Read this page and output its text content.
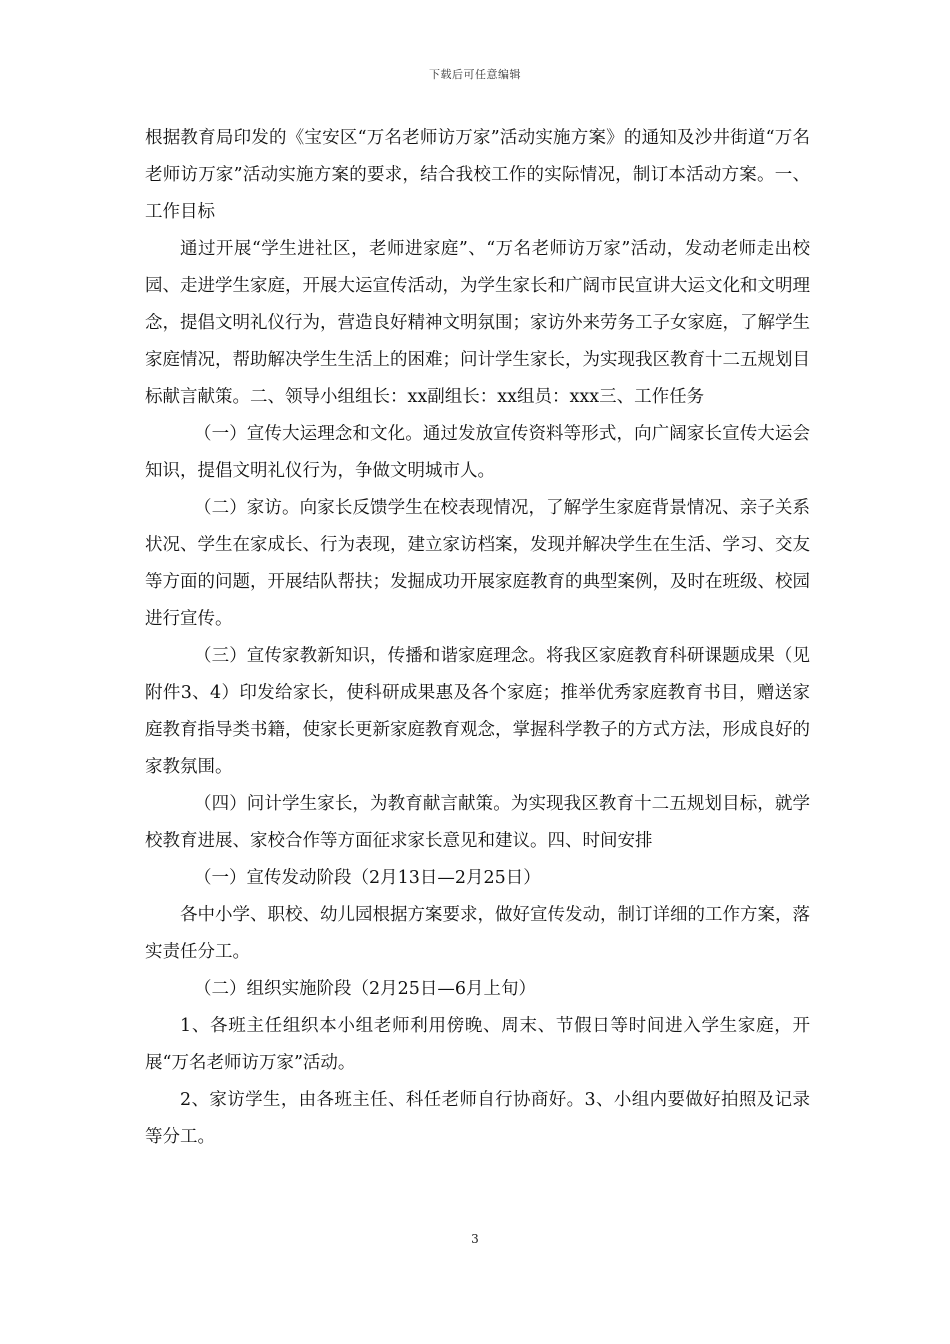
下载后可任意编辑

根据教育局印发的《宝安区“万名老师访万家”活动实施方案》的通知及沙井街道“万名老师访万家”活动实施方案的要求，结合我校工作的实际情况，制订本活动方案。一、工作目标

通过开展“学生进社区，老师进家庭”、“万名老师访万家”活动，发动老师走出校园、走进学生家庭，开展大运宣传活动，为学生家长和广阔市民宣讲大运文化和文明理念，提倡文明礼仪行为，营造良好精神文明氛围；家访外来劳务工子女家庭，了解学生家庭情况，帮助解决学生生活上的困难；问计学生家长，为实现我区教育十二五规划目标献言献策。二、领导小组组长：xx副组长：xx组员：xxx三、工作任务

（一）宣传大运理念和文化。通过发放宣传资料等形式，向广阔家长宣传大运会知识，提倡文明礼仪行为，争做文明城市人。

（二）家访。向家长反馈学生在校表现情况，了解学生家庭背景情况、亲子关系状况、学生在家成长、行为表现，建立家访档案，发现并解决学生在生活、学习、交友等方面的问题，开展结队帮扶；发掘成功开展家庭教育的典型案例，及时在班级、校园进行宣传。

（三）宣传家教新知识，传播和谐家庭理念。将我区家庭教育科研课题成果（见附件3、4）印发给家长，使科研成果惠及各个家庭；推举优秀家庭教育书目，赠送家庭教育指导类书籍，使家长更新家庭教育观念，掌握科学教子的方式方法，形成良好的家教氛围。

（四）问计学生家长，为教育献言献策。为实现我区教育十二五规划目标，就学校教育进展、家校合作等方面征求家长意见和建议。四、时间安排

（一）宣传发动阶段（2月13日—2月25日）

各中小学、职校、幼儿园根据方案要求，做好宣传发动，制订详细的工作方案，落实责任分工。

（二）组织实施阶段（2月25日—6月上旬）

1、各班主任组织本小组老师利用傍晚、周末、节假日等时间进入学生家庭，开展“万名老师访万家”活动。

2、家访学生，由各班主任、科任老师自行协商好。3、小组内要做好拍照及记录等分工。

3
